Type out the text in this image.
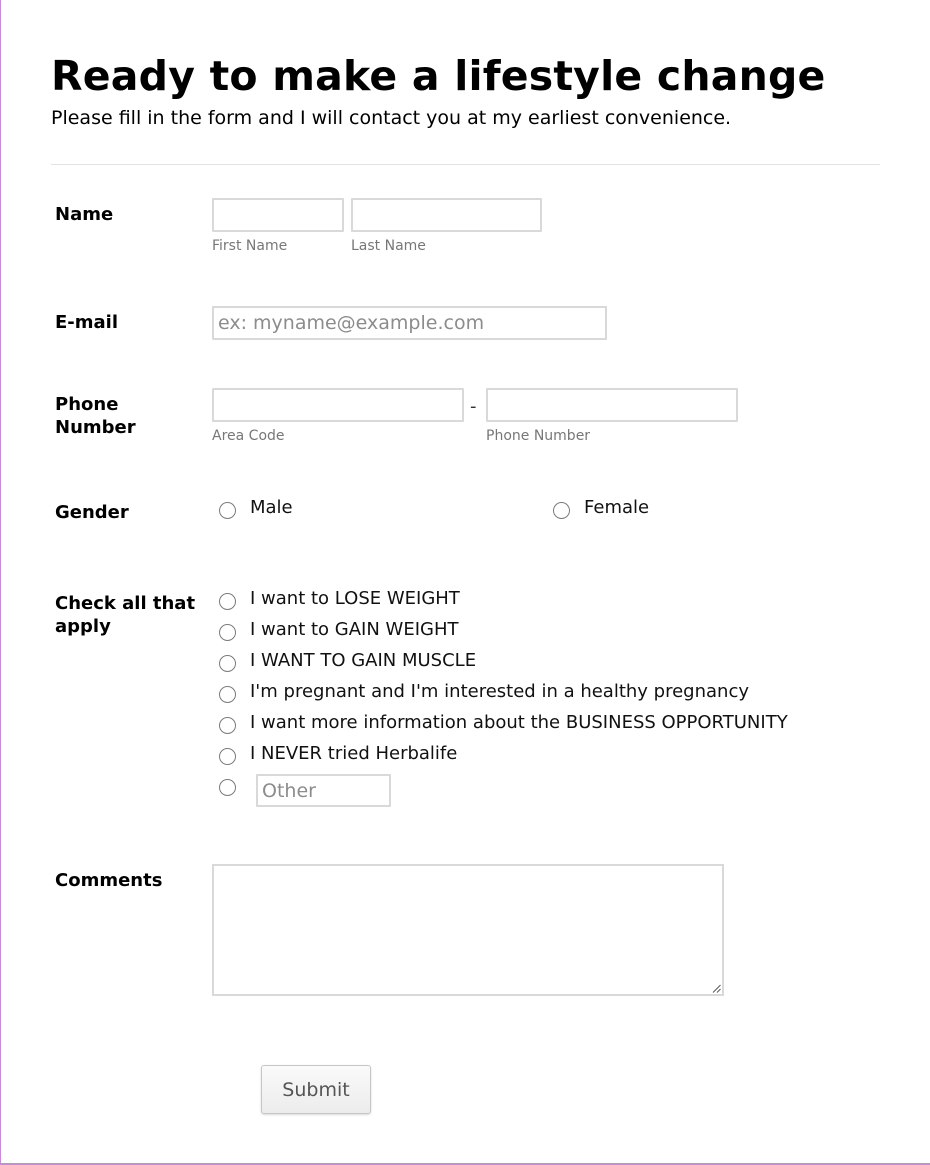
Ready to make a lifestyle change
Please fill in the form and I will contact you at my earliest convenience.
Name
First Name	Last Name
E-mail
ex: myname@example.com
Phone
Number
-
Area Code	Phone Number
Gender	Male	Female
Check all that
apply
I want to LOSE WEIGHT
I want to GAIN WEIGHT
I WANT TO GAIN MUSCLE
I'm pregnant and I'm interested in a healthy pregnancy
I want more information about the BUSINESS OPPORTUNITY
I NEVER tried Herbalife
Other
Comments
Submit
